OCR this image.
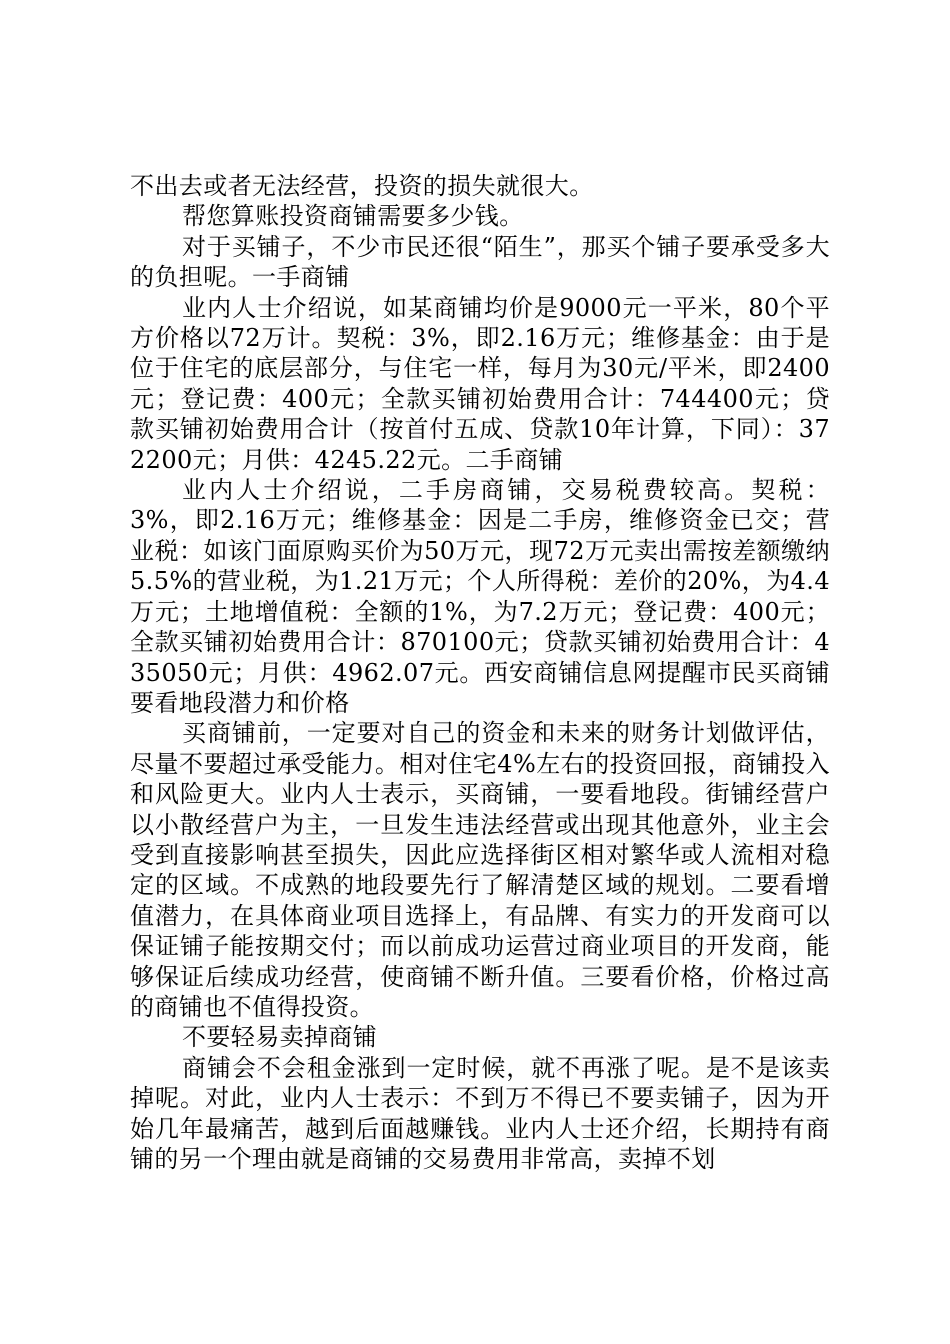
不出去或者无法经营，投资的损失就很大。

帮您算账投资商铺需要多少钱。

对于买铺子，不少市民还很“陌生”，那买个铺子要承受多大的负担呢。一手商铺

业内人士介绍说，如某商铺均价是9000元一平米，80个平方价格以72万计。契税：3%，即2.16万元；维修基金：由于是位于住宅的底层部分，与住宅一样，每月为30元/平米，即2400元；登记费：400元；全款买铺初始费用合计：744400元；贷款买铺初始费用合计（按首付五成、贷款10年计算，下同）：372200元；月供：4245.22元。二手商铺

业内人士介绍说，二手房商铺，交易税费较高。契税：3%，即2.16万元；维修基金：因是二手房，维修资金已交；营业税：如该门面原购买价为50万元，现72万元卖出需按差额缴纳5.5%的营业税，为1.21万元；个人所得税：差价的20%，为4.4万元；土地增值税：全额的1%，为7.2万元；登记费：400元；全款买铺初始费用合计：870100元；贷款买铺初始费用合计：435050元；月供：4962.07元。西安商铺信息网提醒市民买商铺要看地段潜力和价格

买商铺前，一定要对自己的资金和未来的财务计划做评估，尽量不要超过承受能力。相对住宅4%左右的投资回报，商铺投入和风险更大。业内人士表示，买商铺，一要看地段。街铺经营户以小散经营户为主，一旦发生违法经营或出现其他意外，业主会受到直接影响甚至损失，因此应选择街区相对繁华或人流相对稳定的区域。不成熟的地段要先行了解清楚区域的规划。二要看增值潜力，在具体商业项目选择上，有品牌、有实力的开发商可以保证铺子能按期交付；而以前成功运营过商业项目的开发商，能够保证后续成功经营，使商铺不断升值。三要看价格，价格过高的商铺也不值得投资。

不要轻易卖掉商铺

商铺会不会租金涨到一定时候，就不再涨了呢。是不是该卖掉呢。对此，业内人士表示：不到万不得已不要卖铺子，因为开始几年最痛苦，越到后面越赚钱。业内人士还介绍，长期持有商铺的另一个理由就是商铺的交易费用非常高，卖掉不划
